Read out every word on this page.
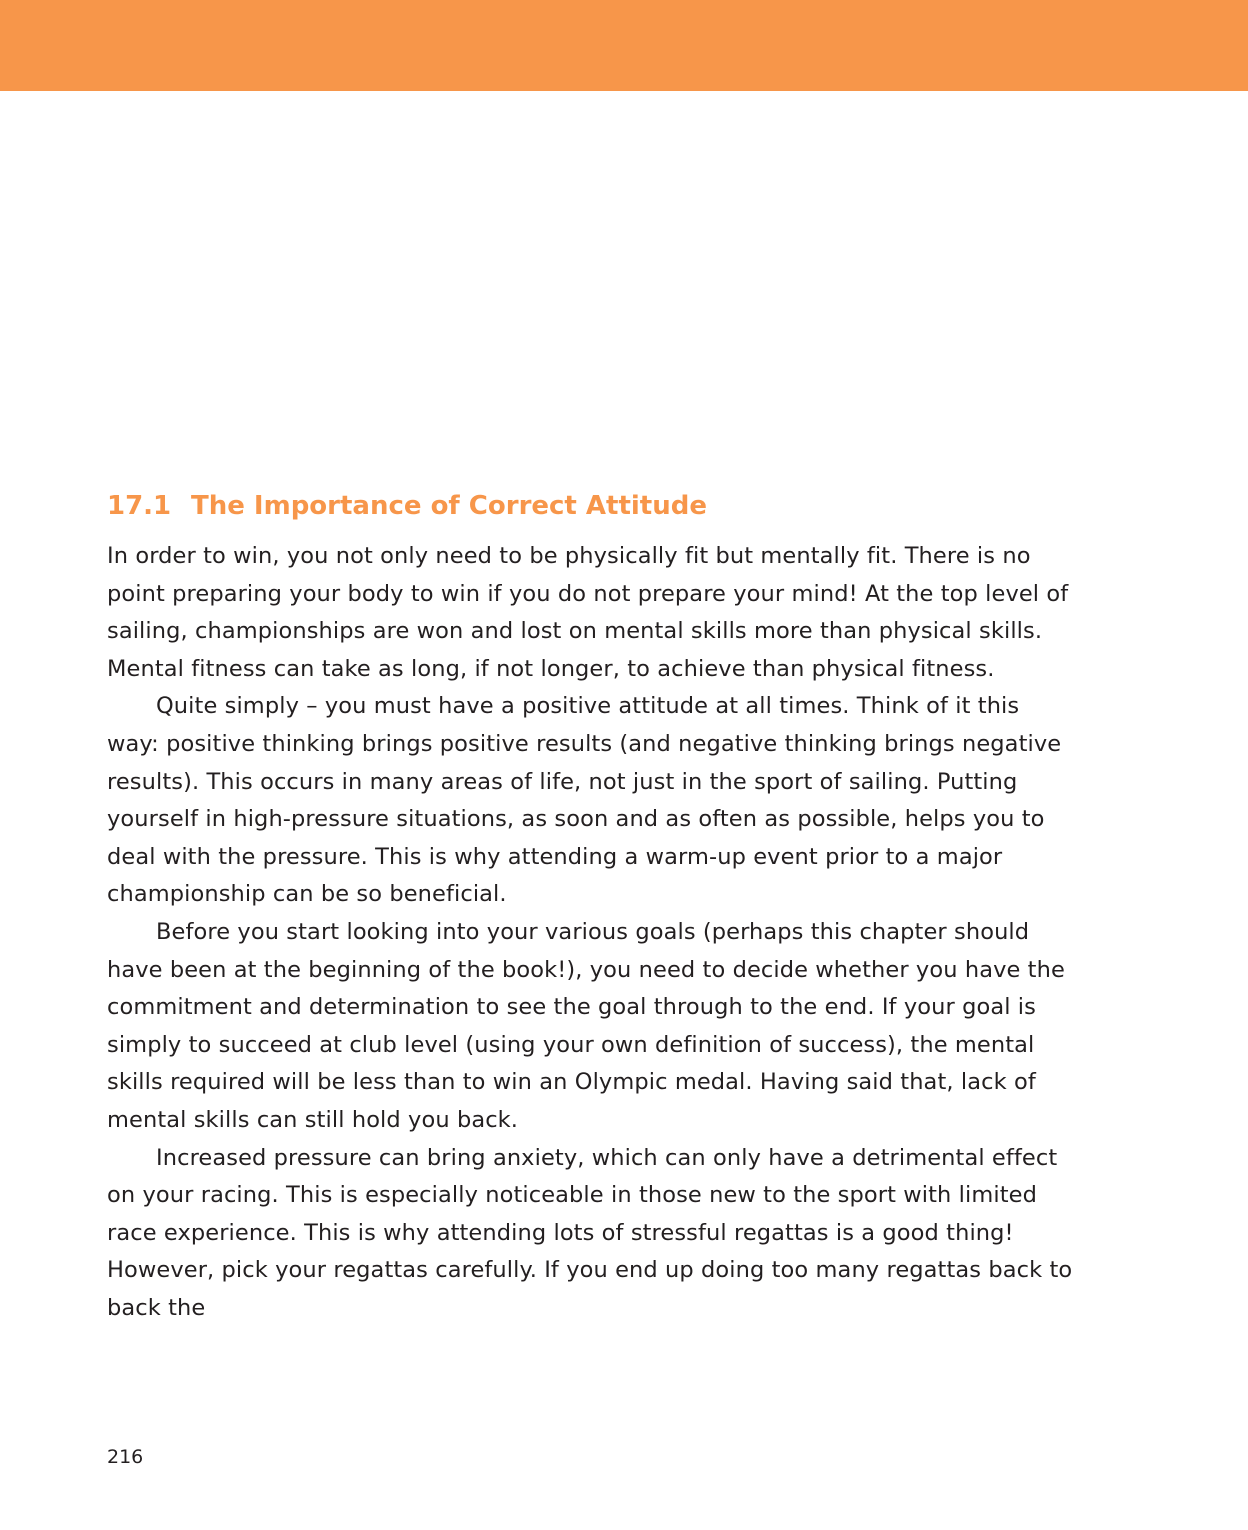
17.1 The Importance of Correct Attitude

In order to win, you not only need to be physically fit but mentally fit. There is no point preparing your body to win if you do not prepare your mind! At the top level of sailing, championships are won and lost on mental skills more than physical skills. Mental fitness can take as long, if not longer, to achieve than physical fitness.

Quite simply – you must have a positive attitude at all times. Think of it this way: positive thinking brings positive results (and negative thinking brings negative results). This occurs in many areas of life, not just in the sport of sailing. Putting yourself in high-pressure situations, as soon and as often as possible, helps you to deal with the pressure. This is why attending a warm-up event prior to a major championship can be so beneficial.

Before you start looking into your various goals (perhaps this chapter should have been at the beginning of the book!), you need to decide whether you have the commitment and determination to see the goal through to the end. If your goal is simply to succeed at club level (using your own definition of success), the mental skills required will be less than to win an Olympic medal. Having said that, lack of mental skills can still hold you back.

Increased pressure can bring anxiety, which can only have a detrimental effect on your racing. This is especially noticeable in those new to the sport with limited race experience. This is why attending lots of stressful regattas is a good thing! However, pick your regattas carefully. If you end up doing too many regattas back to back the

216
